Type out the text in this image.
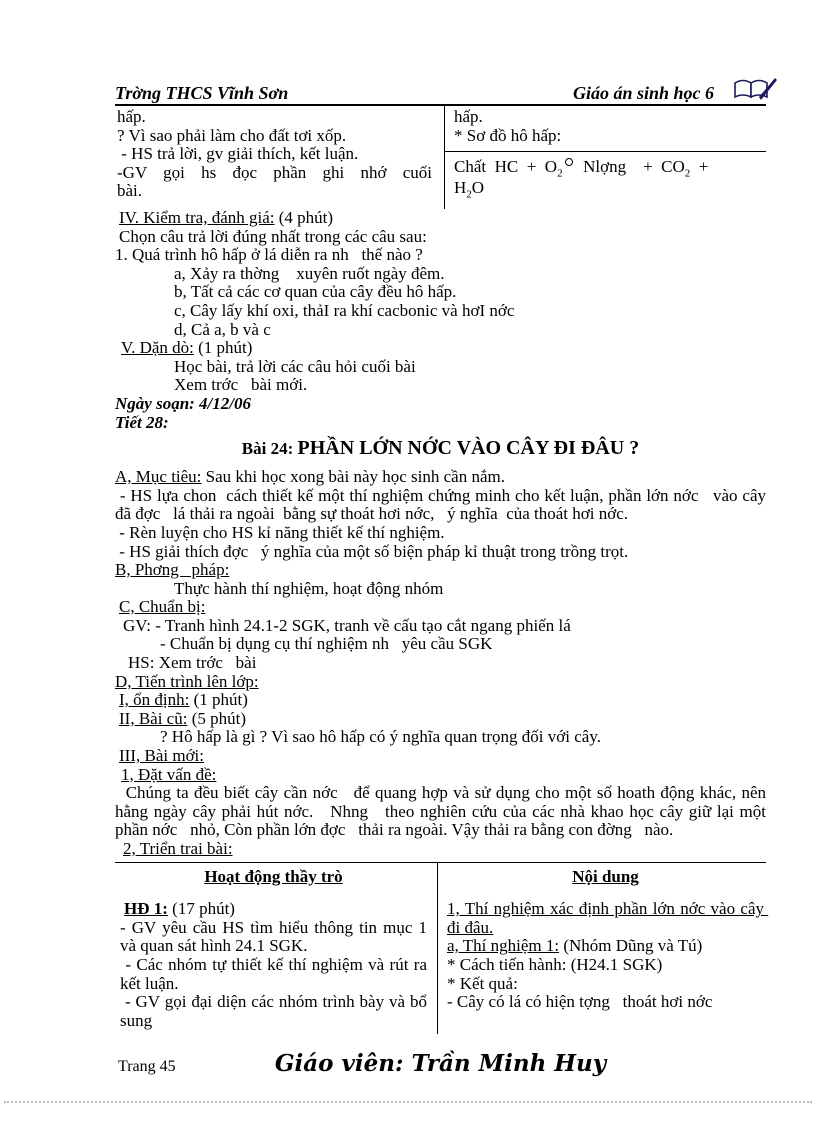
Trờng THCS Vĩnh Sơn	Giáo án sinh học 6

hấp.

? Vì sao phải làm cho đất tơi xốp.

- HS trả lời, gv giải thích, kết luận.

-GV gọi hs đọc phần ghi nhớ cuối

bài.

hấp.

* Sơ đồ hô hấp:

Chất  HC  +  $O_2$  Nlợng    +  $CO_2$  +
$H_2O$

IV. Kiểm tra, đánh giá: (4 phút)

Chọn câu trả lời đúng nhất trong các câu sau:

1. Quá trình hô hấp ở lá diễn ra nh   thế nào ?

a, Xảy ra thờng    xuyên ruốt ngày đêm.

b, Tất cả các cơ quan của cây đều hô hấp.

c, Cây lấy khí oxi, thảI ra khí cacbonic và hơI nớc

d, Cả a, b và c

V. Dặn dò: (1 phút)

Học bài, trả lời các câu hỏi cuối bài

Xem trớc   bài mới.

Ngày soạn: 4/12/06

Tiết 28:

Bài 24: PHẦN LỚN NỚC VÀO CÂY ĐI ĐÂU ?

A, Mục tiêu: Sau khi học xong bài này học sinh cần nắm.

- HS lựa chon  cách thiết kế một thí nghiệm chứng minh cho kết luận, phần lớn nớc   vào cây đã đợc   lá thải ra ngoài  bằng sự thoát hơi nớc,   ý nghĩa  của thoát hơi nớc.

- Rèn luyện cho HS kỉ năng thiết kế thí nghiệm.

- HS giải thích đợc   ý nghĩa của một số biện pháp kỉ thuật trong trồng trọt.

B, Phơng   pháp:

Thực hành thí nghiệm, hoạt động nhóm

C, Chuẩn bị:

GV: - Tranh hình 24.1-2 SGK, tranh về cấu tạo cắt ngang phiến lá

- Chuẩn bị dụng cụ thí nghiệm nh   yêu cầu SGK

HS: Xem trớc   bài

D, Tiến trình lên lớp:

I, ổn định: (1 phút)

II, Bài cũ: (5 phút)

? Hô hấp là gì ? Vì sao hô hấp có ý nghĩa quan trọng đối với cây.

III, Bài mới:

1, Đặt vấn đề:

Chúng ta đều biết cây cần nớc   để quang hợp và sử dụng cho một số hoath động khác, nên hằng ngày cây phải hút nớc.   Nhng   theo nghiên cứu của các nhà khao học cây giữ lại một phần nớc   nhỏ, Còn phần lớn đợc   thải ra ngoài. Vậy thải ra bằng con đờng   nào.

2, Triển trai bài:

Hoạt động thầy trò

HĐ 1: (17 phút)

- GV yêu cầu HS tìm hiểu thông tin mục 1 và quan sát hình 24.1 SGK.

- Các nhóm tự thiết kế thí nghiệm và rút ra kết luận.

- GV gọi đại diện các nhóm trình bày và bổ sung

Nội dung

1, Thí nghiệm xác định phần lớn nớc vào cây đi đâu.

a, Thí nghiệm 1: (Nhóm Dũng và Tú)

* Cách tiến hành: (H24.1 SGK)

* Kết quả:

- Cây có lá có hiện tợng   thoát hơi nớc

Trang 45	Giáo viên: Trần Minh Huy
